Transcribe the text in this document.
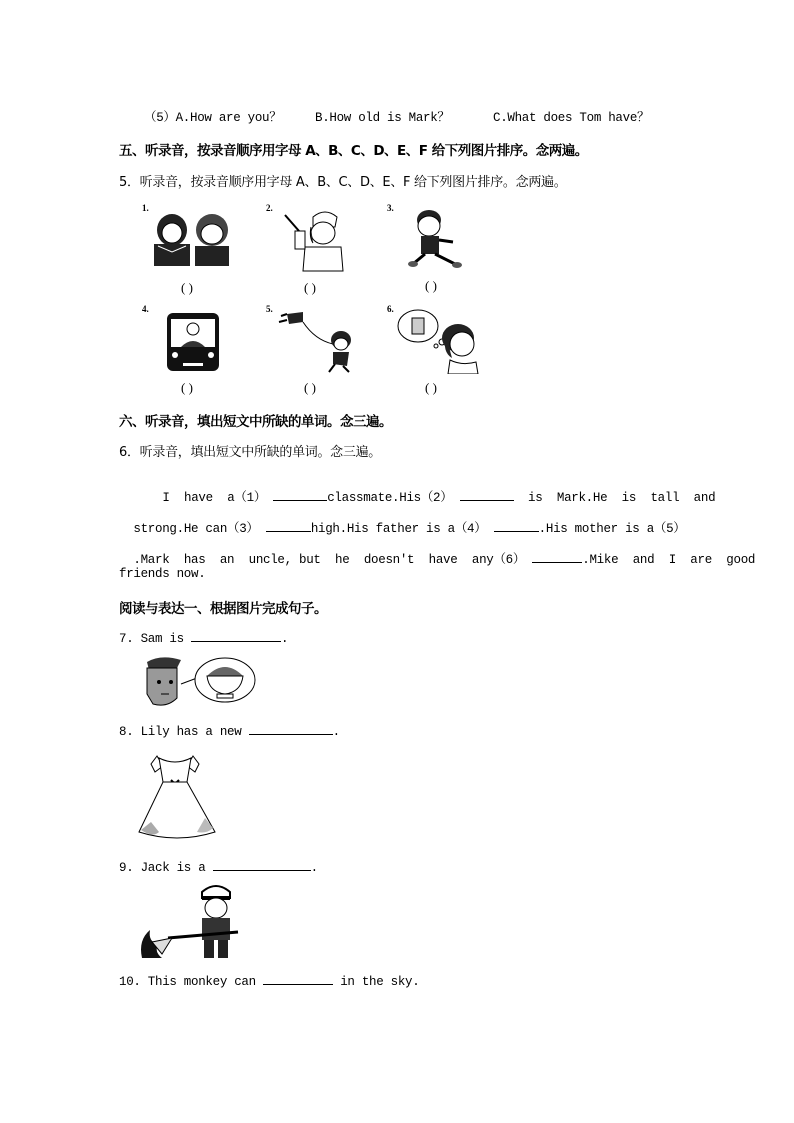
（5）A.How are you？	B.How old is Mark？	C.What does Tom have？
五、听录音，按录音顺序用字母 A、B、C、D、E、F 给下列图片排序。念两遍。
5．听录音，按录音顺序用字母 A、B、C、D、E、F 给下列图片排序。念两遍。
1.
( )
2.
( )
3.
( )
4.
( )
5.
( )
6.
( )
六、听录音，填出短文中所缺的单词。念三遍。
6．听录音，填出短文中所缺的单词。念三遍。

I  have  a（1）	classmate.His（2）	is  Mark.He  is  tall  and

strong.He can（3）	high.His father is a（4）	.His mother is a（5）

.Mark  has  an  uncle, but  he  doesn't  have  any（6）	.Mike  and  I  are  good

friends now.
阅读与表达一、根据图片完成句子。
7. Sam is	.
8. Lily has a new	.
9. Jack is a	.
10. This monkey can	in the sky.
